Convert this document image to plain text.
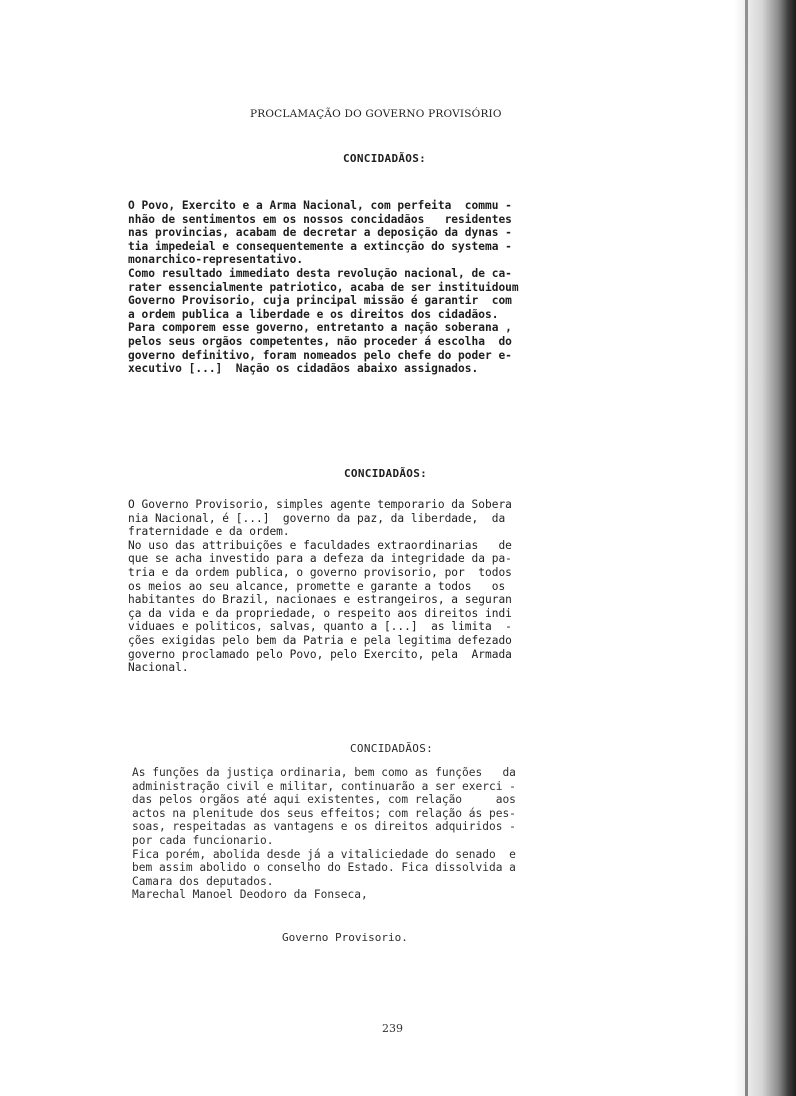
PROCLAMAÇÃO DO GOVERNO PROVISÓRIO
CONCIDADÃOS:
O Povo, Exercito e a Arma Nacional, com perfeita  commu -
nhão de sentimentos em os nossos concidadãos   residentes
nas provincias, acabam de decretar a deposição da dynas -
tia impedeial e consequentemente a extincção do systema -
monarchico-representativo.
Como resultado immediato desta revolução nacional, de ca-
rater essencialmente patriotico, acaba de ser instituidoum
Governo Provisorio, cuja principal missão é garantir  com
a ordem publica a liberdade e os direitos dos cidadãos.
Para comporem esse governo, entretanto a nação soberana ,
pelos seus orgãos competentes, não proceder á escolha  do
governo definitivo, foram nomeados pelo chefe do poder e-
xecutivo [...]  Nação os cidadãos abaixo assignados.
CONCIDADÃOS:
O Governo Provisorio, simples agente temporario da Sobera
nia Nacional, é [...]  governo da paz, da liberdade,  da
fraternidade e da ordem.
No uso das attribuições e faculdades extraordinarias   de
que se acha investido para a defeza da integridade da pa-
tria e da ordem publica, o governo provisorio, por  todos
os meios ao seu alcance, promette e garante a todos   os
habitantes do Brazil, nacionaes e estrangeiros, a seguran
ça da vida e da propriedade, o respeito aos direitos indi
viduaes e politicos, salvas, quanto a [...]  as limita  -
ções exigidas pelo bem da Patria e pela legitima defezado
governo proclamado pelo Povo, pelo Exercito, pela  Armada
Nacional.
CONCIDADÃOS:
As funções da justiça ordinaria, bem como as funções   da
administração civil e militar, continuarão a ser exerci -
das pelos orgãos até aqui existentes, com relação     aos
actos na plenitude dos seus effeitos; com relação ás pes-
soas, respeitadas as vantagens e os direitos adquiridos -
por cada funcionario.
Fica porém, abolida desde já a vitaliciedade do senado  e
bem assim abolido o conselho do Estado. Fica dissolvida a
Camara dos deputados.
Marechal Manoel Deodoro da Fonseca,
Governo Provisorio.
239
